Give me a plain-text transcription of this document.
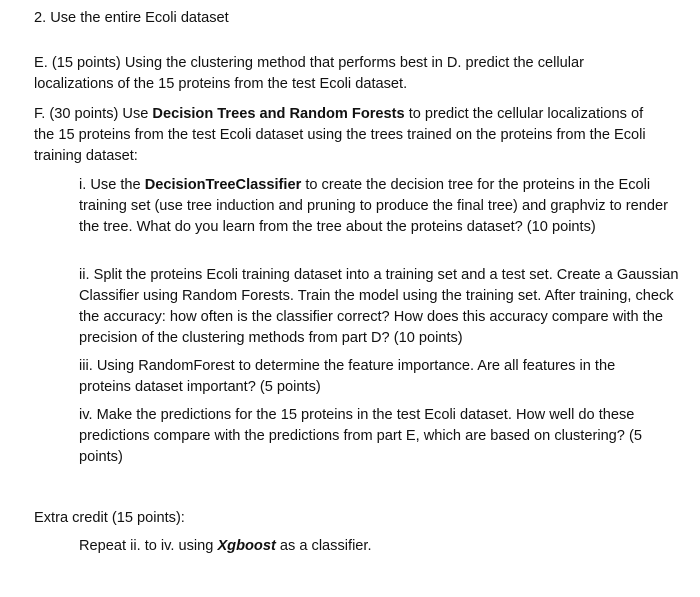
2. Use the entire Ecoli dataset

E. (15 points) Using the clustering method that performs best in D. predict the cellular localizations of the 15 proteins from the test Ecoli dataset.

F. (30 points) Use Decision Trees and Random Forests to predict the cellular localizations of the 15 proteins from the test Ecoli dataset using the trees trained on the proteins from the Ecoli training dataset:

i. Use the DecisionTreeClassifier to create the decision tree for the proteins in the Ecoli training set (use tree induction and pruning to produce the final tree) and graphviz to render the tree. What do you learn from the tree about the proteins dataset? (10 points)

ii. Split the proteins Ecoli training dataset into a training set and a test set. Create a Gaussian Classifier using Random Forests. Train the model using the training set. After training, check the accuracy: how often is the classifier correct? How does this accuracy compare with the precision of the clustering methods from part D? (10 points)

iii. Using RandomForest to determine the feature importance. Are all features in the proteins dataset important? (5 points)

iv. Make the predictions for the 15 proteins in the test Ecoli dataset. How well do these predictions compare with the predictions from part E, which are based on clustering? (5 points)

Extra credit (15 points):

Repeat ii. to iv. using Xgboost as a classifier.
